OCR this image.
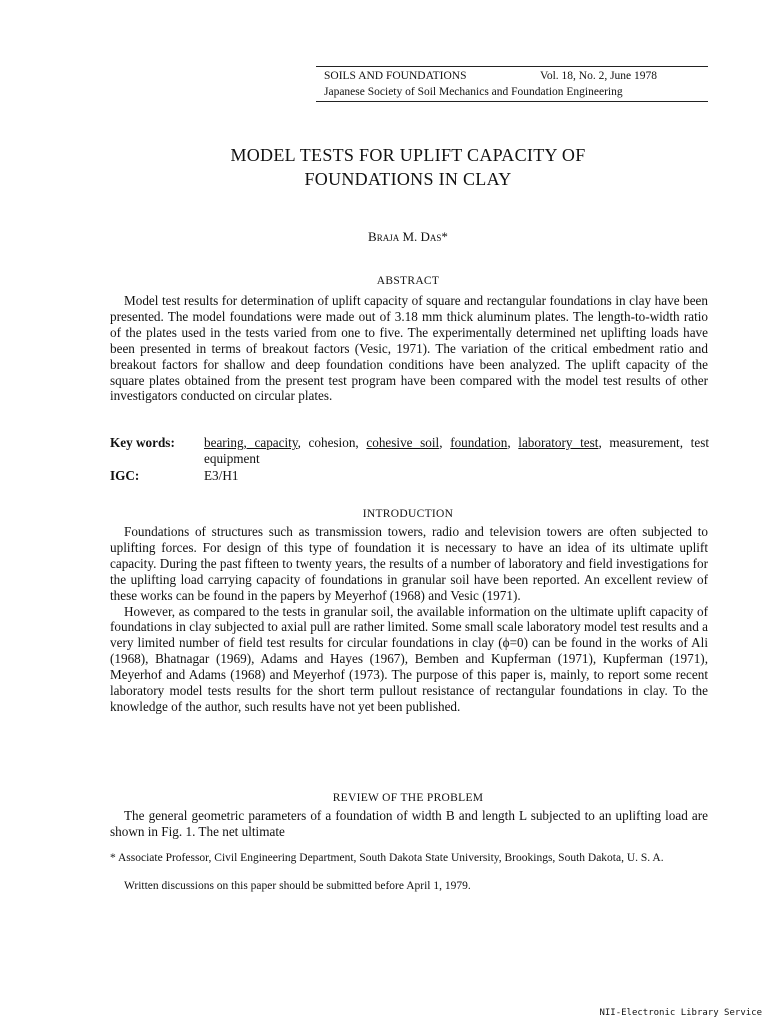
SOILS AND FOUNDATIONS	Vol. 18, No. 2, June 1978
Japanese Society of Soil Mechanics and Foundation Engineering
MODEL TESTS FOR UPLIFT CAPACITY OF
FOUNDATIONS IN CLAY
Braja M. Das*
ABSTRACT

Model test results for determination of uplift capacity of square and rectangular foundations in clay have been presented. The model foundations were made out of 3.18 mm thick aluminum plates. The length-to-width ratio of the plates used in the tests varied from one to five. The experimentally determined net uplifting loads have been presented in terms of breakout factors (Vesic, 1971). The variation of the critical embedment ratio and breakout factors for shallow and deep foundation conditions have been analyzed. The uplift capacity of the square plates obtained from the present test program have been compared with the model test results of other investigators conducted on circular plates.

Key words: bearing, capacity, cohesion, cohesive soil, foundation, laboratory test, measurement, test equipment
IGC:	E3/H1
INTRODUCTION

Foundations of structures such as transmission towers, radio and television towers are often subjected to uplifting forces. For design of this type of foundation it is necessary to have an idea of its ultimate uplift capacity. During the past fifteen to twenty years, the results of a number of laboratory and field investigations for the uplifting load carrying capacity of foundations in granular soil have been reported. An excellent review of these works can be found in the papers by Meyerhof (1968) and Vesic (1971).

However, as compared to the tests in granular soil, the available information on the ultimate uplift capacity of foundations in clay subjected to axial pull are rather limited. Some small scale laboratory model test results and a very limited number of field test results for circular foundations in clay (ϕ=0) can be found in the works of Ali (1968), Bhatnagar (1969), Adams and Hayes (1967), Bemben and Kupferman (1971), Kupferman (1971), Meyerhof and Adams (1968) and Meyerhof (1973). The purpose of this paper is, mainly, to report some recent laboratory model tests results for the short term pullout resistance of rectangular foundations in clay. To the knowledge of the author, such results have not yet been published.

REVIEW OF THE PROBLEM

The general geometric parameters of a foundation of width B and length L subjected to an uplifting load are shown in Fig. 1. The net ultimate

* Associate Professor, Civil Engineering Department, South Dakota State University, Brookings, South Dakota, U. S. A.
Written discussions on this paper should be submitted before April 1, 1979.
NII-Electronic Library Service
